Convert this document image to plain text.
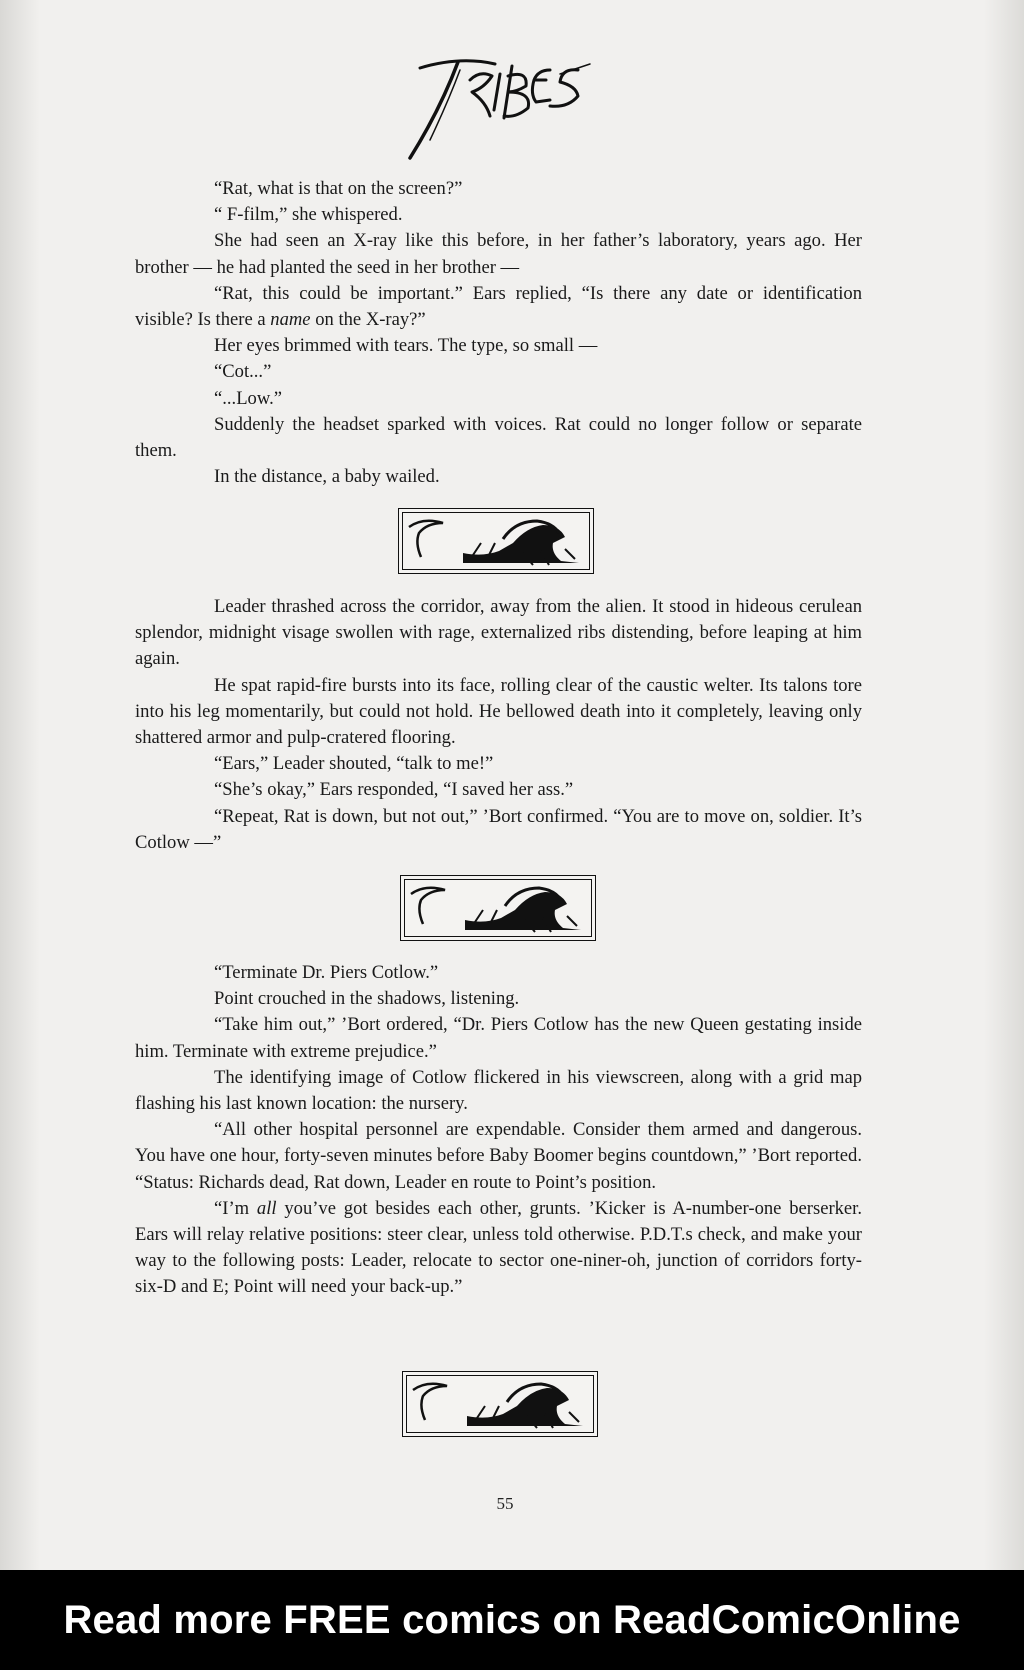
“Rat, what is that on the screen?”

“ F-film,” she whispered.

She had seen an X-ray like this before, in her father’s laboratory, years ago. Her brother — he had planted the seed in her brother —

“Rat, this could be important.” Ears replied, “Is there any date or identification visible? Is there a name on the X-ray?”

Her eyes brimmed with tears. The type, so small —

“Cot...”

“...Low.”

Suddenly the headset sparked with voices. Rat could no longer follow or separate them.

In the distance, a baby wailed.

Leader thrashed across the corridor, away from the alien. It stood in hideous cerulean splendor, midnight visage swollen with rage, externalized ribs distending, before leaping at him again.

He spat rapid-fire bursts into its face, rolling clear of the caustic welter. Its talons tore into his leg momentarily, but could not hold. He bellowed death into it completely, leaving only shattered armor and pulp-cratered flooring.

“Ears,” Leader shouted, “talk to me!”

“She’s okay,” Ears responded, “I saved her ass.”

“Repeat, Rat is down, but not out,” ’Bort confirmed. “You are to move on, soldier. It’s Cotlow —”

“Terminate Dr. Piers Cotlow.”

Point crouched in the shadows, listening.

“Take him out,” ’Bort ordered, “Dr. Piers Cotlow has the new Queen gestating inside him. Terminate with extreme prejudice.”

The identifying image of Cotlow flickered in his viewscreen, along with a grid map flashing his last known location: the nursery.

“All other hospital personnel are expendable. Consider them armed and dangerous. You have one hour, forty-seven minutes before Baby Boomer begins countdown,” ’Bort reported. “Status: Richards dead, Rat down, Leader en route to Point’s position.

“I’m all you’ve got besides each other, grunts. ’Kicker is A-number-one berserker. Ears will relay relative positions: steer clear, unless told otherwise. P.D.T.s check, and make your way to the following posts: Leader, relocate to sector one-niner-oh, junction of corridors forty-six-D and E; Point will need your back-up.”

55
Read more FREE comics on ReadComicOnline
